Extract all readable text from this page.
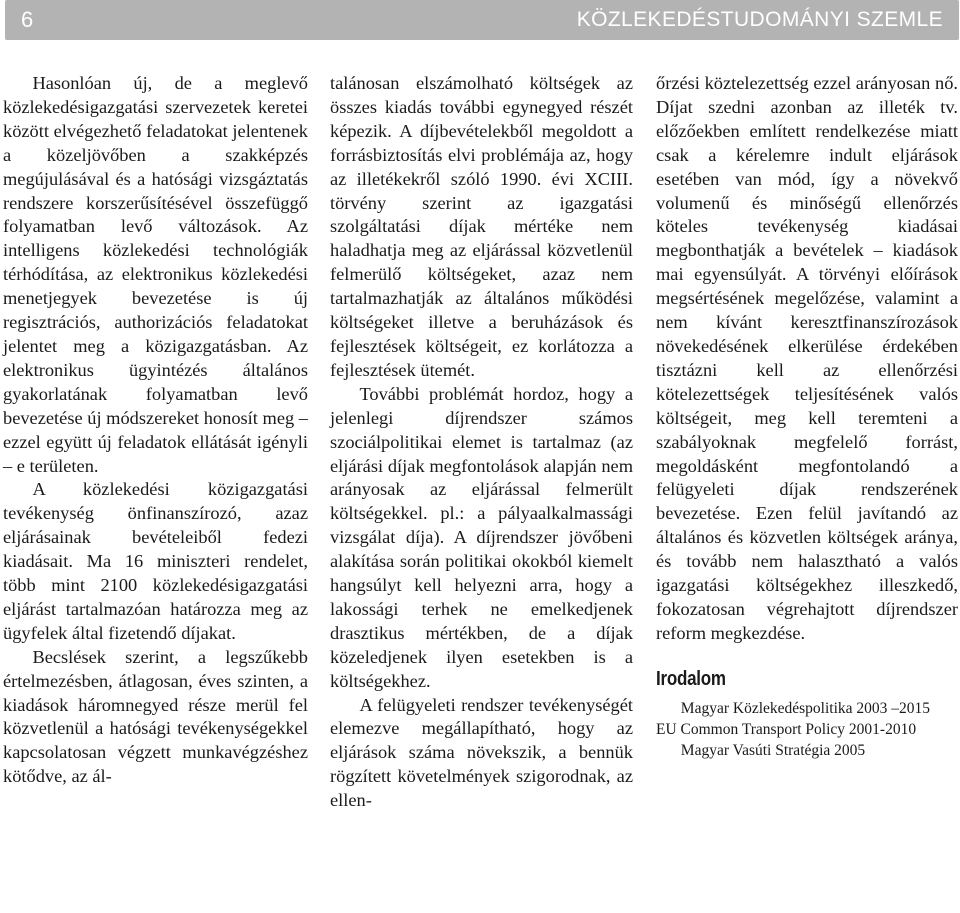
6	KÖZLEKEDÉSTUDOMÁNYI SZEMLE

Hasonlóan új, de a meglevő közlekedésigazgatási szervezetek keretei között elvégezhető feladatokat jelentenek a közeljövőben a szakképzés megújulásával és a hatósági vizsgáztatás rendszere korszerűsítésével összefüggő folyamatban levő változások. Az intelligens közlekedési technológiák térhódítása, az elektronikus közlekedési menetjegyek bevezetése is új regisztrációs, authorizációs feladatokat jelentet meg a közigazgatásban. Az elektronikus ügyintézés általános gyakorlatának folyamatban levő bevezetése új módszereket honosít meg – ezzel együtt új feladatok ellátását igényli – e területen.

A közlekedési közigazgatási tevékenység önfinanszírozó, azaz eljárásainak bevételeiből fedezi kiadásait. Ma 16 miniszteri rendelet, több mint 2100 közlekedésigazgatási eljárást tartalmazóan határozza meg az ügyfelek által fizetendő díjakat.

Becslések szerint, a legszűkebb értelmezésben, átlagosan, éves szinten, a kiadások háromnegyed része merül fel közvetlenül a hatósági tevékenységekkel kapcsolatosan végzett munkavégzéshez kötődve, az ál-

talánosan elszámolható költségek az összes kiadás további egynegyed részét képezik. A díjbevételekből megoldott a forrásbiztosítás elvi problémája az, hogy az illetékekről szóló 1990. évi XCIII. törvény szerint az igazgatási szolgáltatási díjak mértéke nem haladhatja meg az eljárással közvetlenül felmerülő költségeket, azaz nem tartalmazhatják az általános működési költségeket illetve a beruházások és fejlesztések költségeit, ez korlátozza a fejlesztések ütemét.

További problémát hordoz, hogy a jelenlegi díjrendszer számos szociálpolitikai elemet is tartalmaz (az eljárási díjak megfontolások alapján nem arányosak az eljárással felmerült költségekkel. pl.: a pályaalkalmassági vizsgálat díja). A díjrendszer jövőbeni alakítása során politikai okokból kiemelt hangsúlyt kell helyezni arra, hogy a lakossági terhek ne emelkedjenek drasztikus mértékben, de a díjak közeledjenek ilyen esetekben is a költségekhez.

A felügyeleti rendszer tevékenységét elemezve megállapítható, hogy az eljárások száma növekszik, a bennük rögzített követelmények szigorodnak, az ellen-

őrzési köztelezettség ezzel arányosan nő. Díjat szedni azonban az illeték tv. előzőekben említett rendelkezése miatt csak a kérelemre indult eljárások esetében van mód, így a növekvő volumenű és minőségű ellenőrzés köteles tevékenység kiadásai megbonthatják a bevételek – kiadások mai egyensúlyát. A törvényi előírások megsértésének megelőzése, valamint a nem kívánt keresztfinanszírozások növekedésének elkerülése érdekében tisztázni kell az ellenőrzési kötelezettségek teljesítésének valós költségeit, meg kell teremteni a szabályoknak megfelelő forrást, megoldásként megfontolandó a felügyeleti díjak rendszerének bevezetése. Ezen felül javítandó az általános és közvetlen költségek aránya, és tovább nem halasztható a valós igazgatási költségekhez illeszkedő, fokozatosan végrehajtott díjrendszer reform megkezdése.

Irodalom

Magyar Közlekedéspolitika 2003 –2015

EU Common Transport Policy 2001-2010

Magyar Vasúti Stratégia 2005
